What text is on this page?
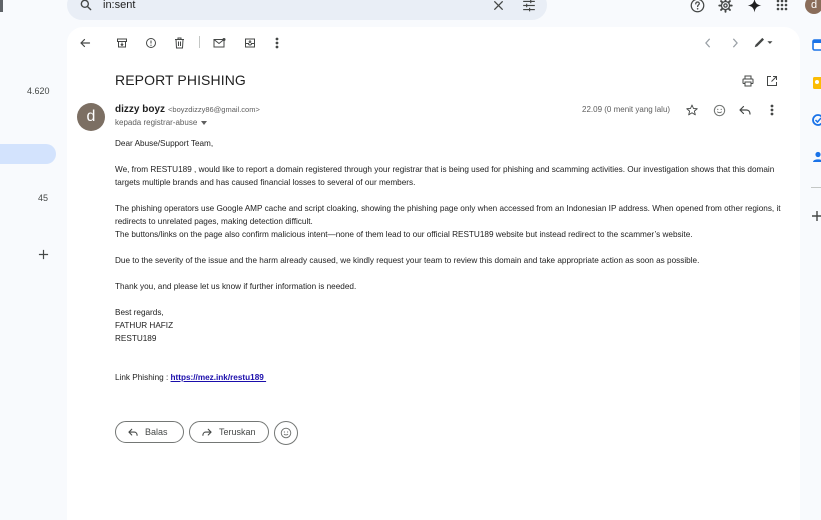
in:sent	d
4.620
45
REPORT PHISHING
d	dizzy boyz <boyzdizzy86@gmail.com>
kepada registrar-abuse
22.09 (0 menit yang lalu)

Dear Abuse/Support Team,

We, from RESTU189 , would like to report a domain registered through your registrar that is being used for phishing and scamming activities. Our investigation shows that this domain targets multiple brands and has caused financial losses to several of our members.

The phishing operators use Google AMP cache and script cloaking, showing the phishing page only when accessed from an Indonesian IP address. When opened from other regions, it redirects to unrelated pages, making detection difficult.

The buttons/links on the page also confirm malicious intent—none of them lead to our official RESTU189 website but instead redirect to the scammer’s website.

Due to the severity of the issue and the harm already caused, we kindly request your team to review this domain and take appropriate action as soon as possible.

Thank you, and please let us know if further information is needed.

Best regards,

FATHUR HAFIZ

RESTU189

Link Phishing : https://mez.ink/restu189

Balas	Teruskan
